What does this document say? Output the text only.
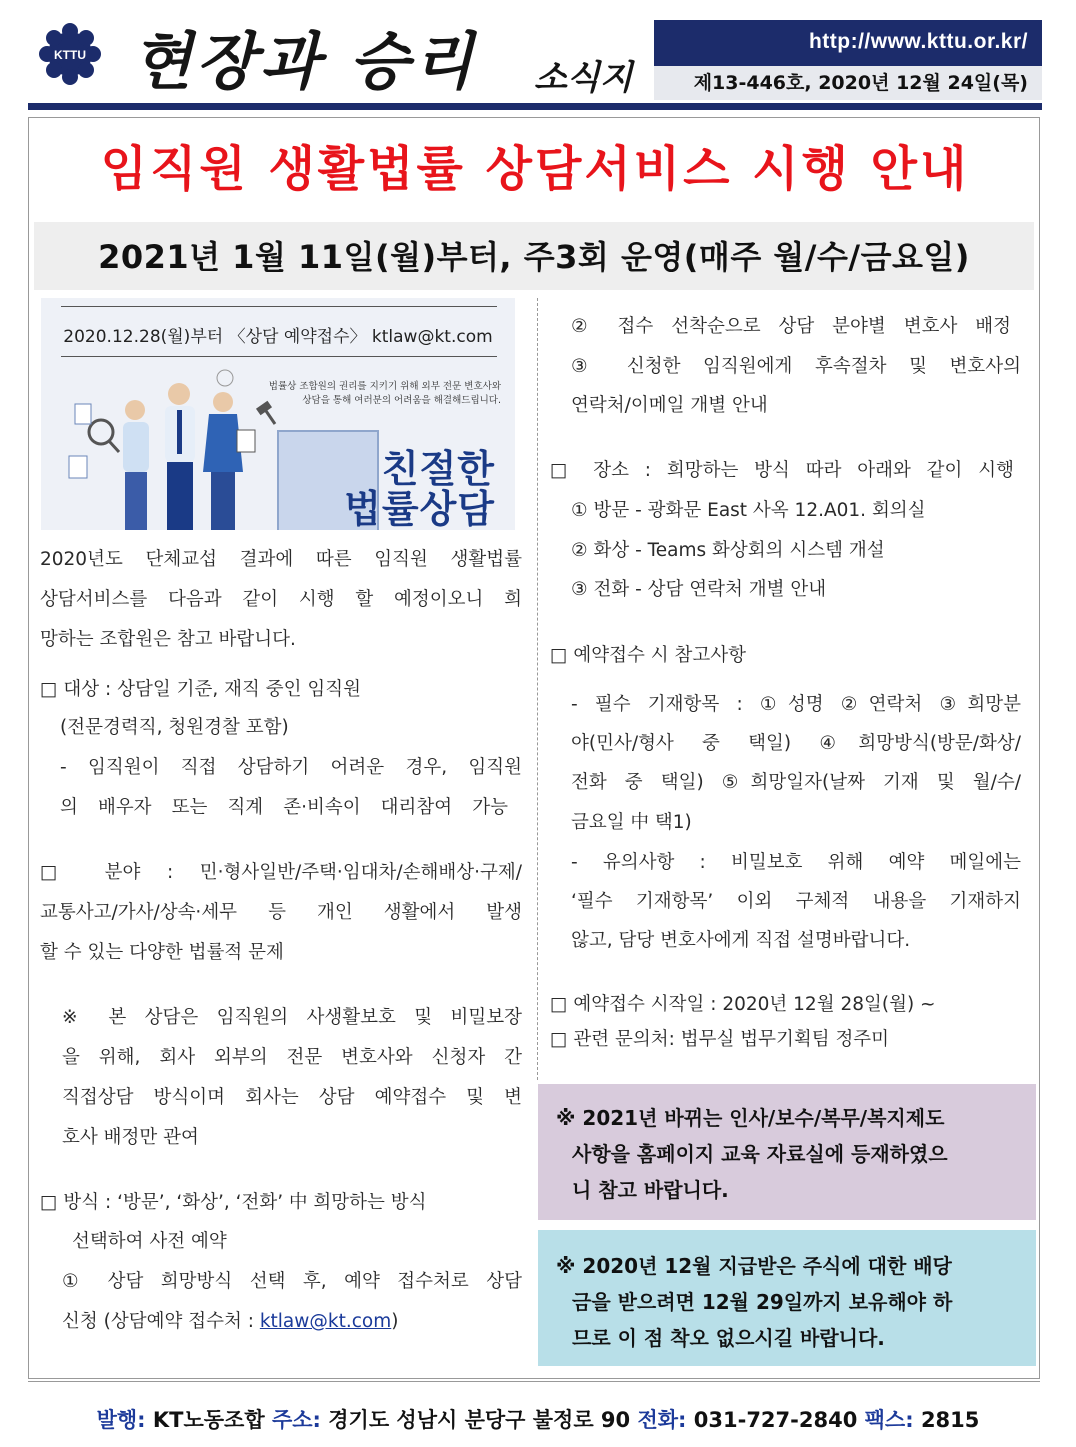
KTTU 현장과 승리 소식지
http://www.kttu.or.kr/
제13-446호, 2020년 12월 24일(목)
임직원 생활법률 상담서비스 시행 안내
2021년 1월 11일(월)부터, 주3회 운영(매주 월/수/금요일)
2020.12.28(월)부터 〈상담 예약접수〉 ktlaw@kt.com
법률상 조합원의 권리를 지키기 위해 외부 전문 변호사와
상담을 통해 여러분의 어려움을 해결해드립니다.
친절한
법률상담
2020년도 단체교섭 결과에 따른 임직원 생활법률
상담서비스를 다음과 같이 시행 할 예정이오니 희
망하는 조합원은 참고 바랍니다.
□ 대상 : 상담일 기준, 재직 중인 임직원
(전문경력직, 청원경찰 포함)
- 임직원이 직접 상담하기 어려운 경우, 임직원
의 배우자 또는 직계 존·비속이 대리참여 가능
□ 분야 : 민·형사일반/주택·임대차/손해배상·구제/
교통사고/가사/상속·세무 등 개인 생활에서 발생
할 수 있는 다양한 법률적 문제
※ 본 상담은 임직원의 사생활보호 및 비밀보장
을 위해, 회사 외부의 전문 변호사와 신청자 간
직접상담 방식이며 회사는 상담 예약접수 및 변
호사 배정만 관여
□ 방식 : ‘방문’, ‘화상’, ‘전화’ 中 희망하는 방식
선택하여 사전 예약
① 상담 희망방식 선택 후, 예약 접수처로 상담
신청 (상담예약 접수처 : ktlaw@kt.com)
② 접수 선착순으로 상담 분야별 변호사 배정
③ 신청한 임직원에게 후속절차 및 변호사의
연락처/이메일 개별 안내
□ 장소 : 희망하는 방식 따라 아래와 같이 시행
① 방문 - 광화문 East 사옥 12.A01. 회의실
② 화상 - Teams 화상회의 시스템 개설
③ 전화 - 상담 연락처 개별 안내
□ 예약접수 시 참고사항
- 필수 기재항목 : ①성명 ②연락처 ③희망분
야(민사/형사 중 택일) ④희망방식(방문/화상/
전화 중 택일) ⑤희망일자(날짜 기재 및 월/수/
금요일 中 택1)
- 유의사항 : 비밀보호 위해 예약 메일에는
‘필수 기재항목’ 이외 구체적 내용을 기재하지
않고, 담당 변호사에게 직접 설명바랍니다.
□ 예약접수 시작일 : 2020년 12월 28일(월) ~
□ 관련 문의처: 법무실 법무기획팀 정주미
※ 2021년 바뀌는 인사/보수/복무/복지제도
사항을 홈페이지 교육 자료실에 등재하였으
니 참고 바랍니다.
※ 2020년 12월 지급받은 주식에 대한 배당
금을 받으려면 12월 29일까지 보유해야 하
므로 이 점 착오 없으시길 바랍니다.
발행: KT노동조합 주소: 경기도 성남시 분당구 불정로 90 전화: 031-727-2840 팩스: 2815
